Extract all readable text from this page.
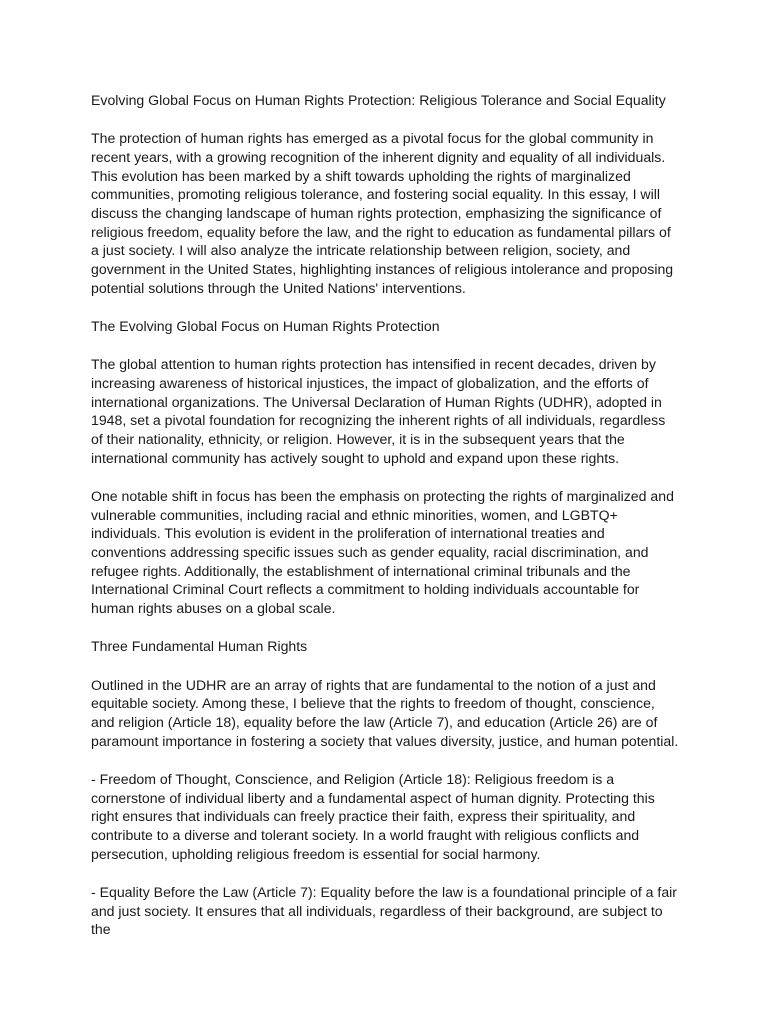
Evolving Global Focus on Human Rights Protection: Religious Tolerance and Social Equality

The protection of human rights has emerged as a pivotal focus for the global community in recent years, with a growing recognition of the inherent dignity and equality of all individuals. This evolution has been marked by a shift towards upholding the rights of marginalized communities, promoting religious tolerance, and fostering social equality. In this essay, I will discuss the changing landscape of human rights protection, emphasizing the significance of religious freedom, equality before the law, and the right to education as fundamental pillars of a just society. I will also analyze the intricate relationship between religion, society, and government in the United States, highlighting instances of religious intolerance and proposing potential solutions through the United Nations' interventions.

The Evolving Global Focus on Human Rights Protection

The global attention to human rights protection has intensified in recent decades, driven by increasing awareness of historical injustices, the impact of globalization, and the efforts of international organizations. The Universal Declaration of Human Rights (UDHR), adopted in 1948, set a pivotal foundation for recognizing the inherent rights of all individuals, regardless of their nationality, ethnicity, or religion. However, it is in the subsequent years that the international community has actively sought to uphold and expand upon these rights.

One notable shift in focus has been the emphasis on protecting the rights of marginalized and vulnerable communities, including racial and ethnic minorities, women, and LGBTQ+ individuals. This evolution is evident in the proliferation of international treaties and conventions addressing specific issues such as gender equality, racial discrimination, and refugee rights. Additionally, the establishment of international criminal tribunals and the International Criminal Court reflects a commitment to holding individuals accountable for human rights abuses on a global scale.

Three Fundamental Human Rights

Outlined in the UDHR are an array of rights that are fundamental to the notion of a just and equitable society. Among these, I believe that the rights to freedom of thought, conscience, and religion (Article 18), equality before the law (Article 7), and education (Article 26) are of paramount importance in fostering a society that values diversity, justice, and human potential.

- Freedom of Thought, Conscience, and Religion (Article 18): Religious freedom is a cornerstone of individual liberty and a fundamental aspect of human dignity. Protecting this right ensures that individuals can freely practice their faith, express their spirituality, and contribute to a diverse and tolerant society. In a world fraught with religious conflicts and persecution, upholding religious freedom is essential for social harmony.

- Equality Before the Law (Article 7): Equality before the law is a foundational principle of a fair and just society. It ensures that all individuals, regardless of their background, are subject to the
